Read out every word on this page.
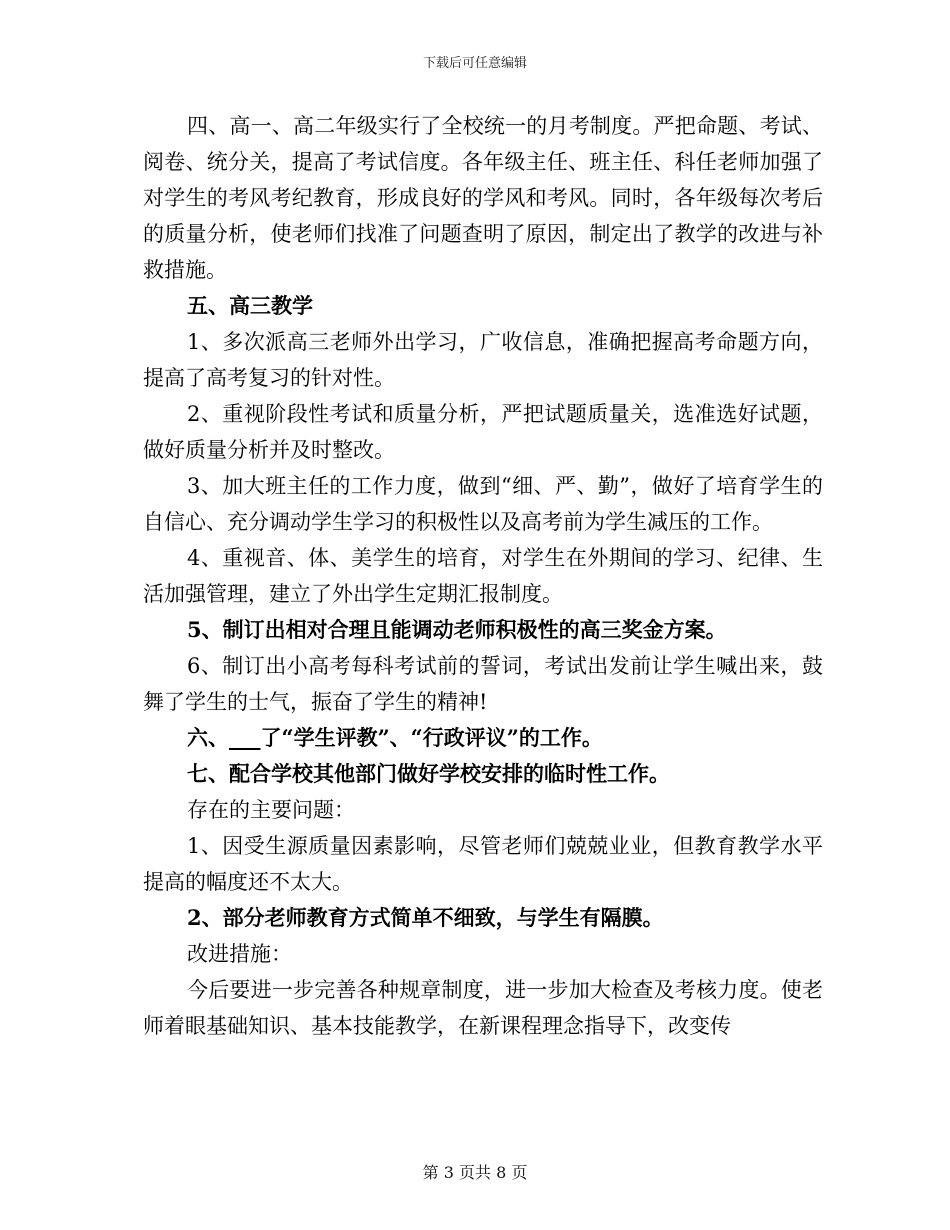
下载后可任意编辑

四、高一、高二年级实行了全校统一的月考制度。严把命题、考试、阅卷、统分关，提高了考试信度。各年级主任、班主任、科任老师加强了对学生的考风考纪教育，形成良好的学风和考风。同时，各年级每次考后的质量分析，使老师们找准了问题查明了原因，制定出了教学的改进与补救措施。

五、高三教学

1、多次派高三老师外出学习，广收信息，准确把握高考命题方向，提高了高考复习的针对性。

2、重视阶段性考试和质量分析，严把试题质量关，选准选好试题，做好质量分析并及时整改。

3、加大班主任的工作力度，做到“细、严、勤”，做好了培育学生的自信心、充分调动学生学习的积极性以及高考前为学生减压的工作。

4、重视音、体、美学生的培育，对学生在外期间的学习、纪律、生活加强管理，建立了外出学生定期汇报制度。

5、制订出相对合理且能调动老师积极性的高三奖金方案。

6、制订出小高考每科考试前的誓词，考试出发前让学生喊出来，鼓舞了学生的士气，振奋了学生的精神!

六、___了“学生评教”、“行政评议”的工作。

七、配合学校其他部门做好学校安排的临时性工作。

存在的主要问题：

1、因受生源质量因素影响，尽管老师们兢兢业业，但教育教学水平提高的幅度还不太大。

2、部分老师教育方式简单不细致，与学生有隔膜。

改进措施：

今后要进一步完善各种规章制度，进一步加大检查及考核力度。使老师着眼基础知识、基本技能教学，在新课程理念指导下，改变传

第 3 页共 8 页
